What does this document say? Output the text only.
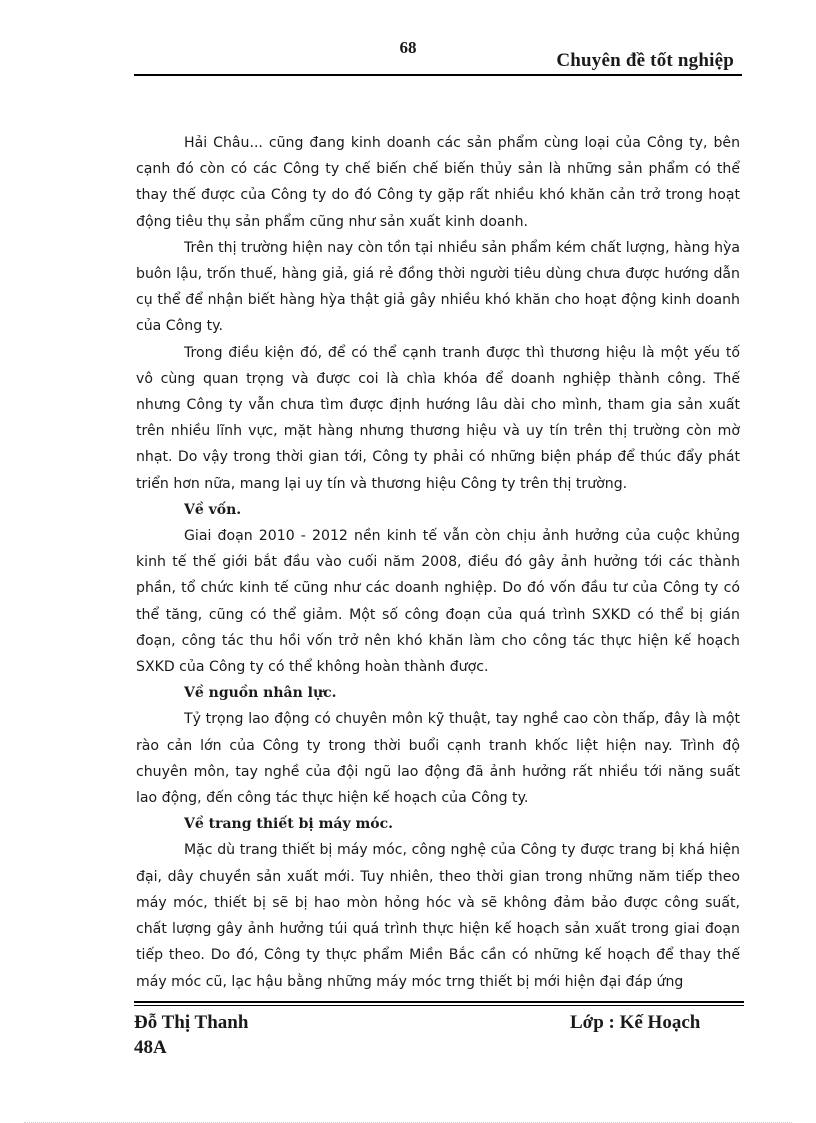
68
Chuyên đề tốt nghiệp

Hải Châu... cũng đang kinh doanh các sản phẩm cùng loại của Công ty, bên cạnh đó còn có các Công ty chế biến chế biến thủy sản là những sản phẩm có thể thay thế được của Công ty do đó Công ty gặp rất nhiều khó khăn cản trở trong hoạt động tiêu thụ sản phẩm cũng như sản xuất kinh doanh.

Trên thị trường hiện nay còn tồn tại nhiều sản phẩm kém chất lượng, hàng hỳa buôn lậu, trốn thuế, hàng giả, giá rẻ đồng thời người tiêu dùng chưa được hướng dẫn cụ thể để nhận biết hàng hỳa thật giả gây nhiều khó khăn cho hoạt động kinh doanh của Công ty.

Trong điều kiện đó, để có thể cạnh tranh được thì thương hiệu là một yếu tố vô cùng quan trọng và được coi là chìa khóa để doanh nghiệp thành công. Thế nhưng Công ty vẫn chưa tìm được định hướng lâu dài cho mình, tham gia sản xuất trên nhiều lĩnh vực, mặt hàng nhưng thương hiệu và uy tín trên thị trường còn mờ nhạt. Do vậy trong thời gian tới, Công ty phải có những biện pháp để thúc đẩy phát triển hơn nữa, mang lại uy tín và thương hiệu Công ty trên thị trường.

Về vốn.

Giai đoạn 2010 - 2012 nền kinh tế vẫn còn chịu ảnh hưởng của cuộc khủng kinh tế thế giới bắt đầu vào cuối năm 2008, điều đó gây ảnh hưởng tới các thành phần, tổ chức kinh tế cũng như các doanh nghiệp. Do đó vốn đầu tư của Công ty có thể tăng, cũng có thể giảm. Một số công đoạn của quá trình SXKD có thể bị gián đoạn, công tác thu hồi vốn trở nên khó khăn làm cho công tác thực hiện kế hoạch SXKD của Công ty có thể không hoàn thành được.

Về nguồn nhân lực.

Tỷ trọng lao động có chuyên môn kỹ thuật, tay nghề cao còn thấp, đây là một rào cản lớn của Công ty trong thời buổi cạnh tranh khốc liệt hiện nay. Trình độ chuyên môn, tay nghề của đội ngũ lao động đã ảnh hưởng rất nhiều tới năng suất lao động, đến công tác thực hiện kế hoạch của Công ty.

Về trang thiết bị máy móc.

Mặc dù trang thiết bị máy móc, công nghệ của Công ty được trang bị khá hiện đại, dây chuyền sản xuất mới. Tuy nhiên, theo thời gian trong những năm tiếp theo máy móc, thiết bị sẽ bị hao mòn hỏng hóc và sẽ không đảm bảo được công suất, chất lượng gây ảnh hưởng túi quá trình thực hiện kế hoạch sản xuất trong giai đoạn tiếp theo. Do đó, Công ty thực phẩm Miền Bắc cần có những kế hoạch để thay thế máy móc cũ, lạc hậu bằng những máy móc trng thiết bị mới hiện đại đáp ứng

Đỗ Thị Thanh
48A
Lớp : Kế Hoạch
